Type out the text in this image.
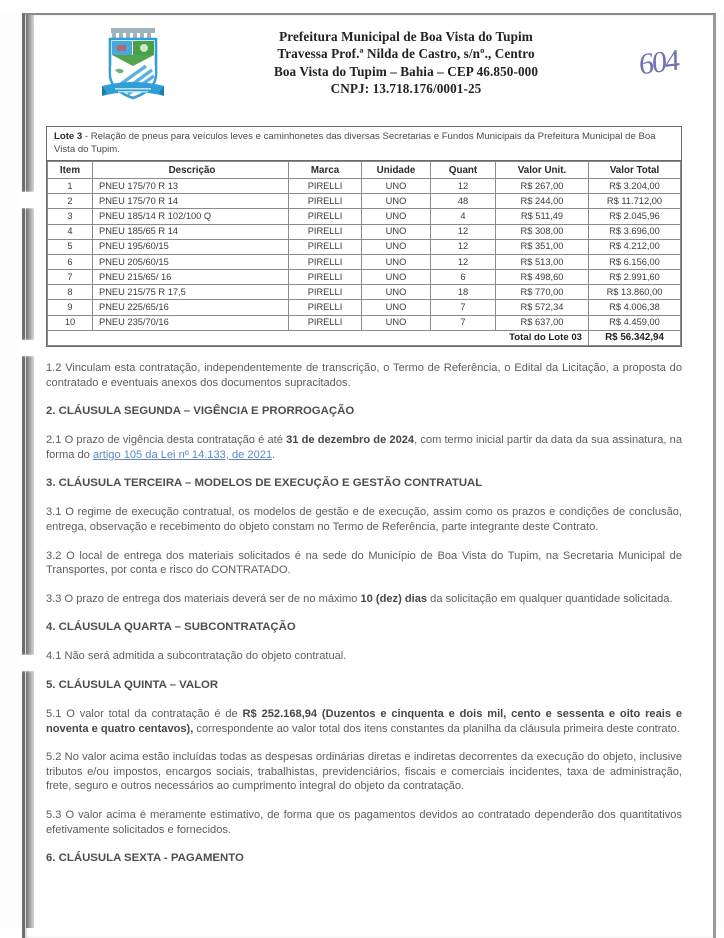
Prefeitura Municipal de Boa Vista do Tupim
Travessa Prof.ª Nilda de Castro, s/nº., Centro
Boa Vista do Tupim – Bahia – CEP 46.850-000
CNPJ: 13.718.176/0001-25
604
Lote 3 - Relação de pneus para veículos leves e caminhonetes das diversas Secretarias e Fundos Municipais da Prefeitura Municipal de Boa Vista do Tupim.
Item	Descrição	Marca	Unidade	Quant	Valor Unit.	Valor Total
1	PNEU 175/70 R 13	PIRELLI	UNO	12	R$ 267,00	R$ 3.204,00
2	PNEU 175/70 R 14	PIRELLI	UNO	48	R$ 244,00	R$ 11.712,00
3	PNEU 185/14 R 102/100 Q	PIRELLI	UNO	4	R$ 511,49	R$ 2.045,96
4	PNEU 185/65 R 14	PIRELLI	UNO	12	R$ 308,00	R$ 3.696,00
5	PNEU 195/60/15	PIRELLI	UNO	12	R$ 351,00	R$ 4.212,00
6	PNEU 205/60/15	PIRELLI	UNO	12	R$ 513,00	R$ 6.156,00
7	PNEU 215/65/ 16	PIRELLI	UNO	6	R$ 498,60	R$ 2.991,60
8	PNEU 215/75 R 17,5	PIRELLI	UNO	18	R$ 770,00	R$ 13.860,00
9	PNEU 225/65/16	PIRELLI	UNO	7	R$ 572,34	R$ 4.006,38
10	PNEU 235/70/16	PIRELLI	UNO	7	R$ 637,00	R$ 4.459,00
Total do Lote 03						R$ 56.342,94

1.2 Vinculam esta contratação, independentemente de transcrição, o Termo de Referência, o Edital da Licitação, a proposta do contratado e eventuais anexos dos documentos supracitados.

2. CLÁUSULA SEGUNDA – VIGÊNCIA E PRORROGAÇÃO

2.1 O prazo de vigência desta contratação é até 31 de dezembro de 2024, com termo inicial partir da data da sua assinatura, na forma do artigo 105 da Lei nº 14.133, de 2021.

3. CLÁUSULA TERCEIRA – MODELOS DE EXECUÇÃO E GESTÃO CONTRATUAL

3.1 O regime de execução contratual, os modelos de gestão e de execução, assim como os prazos e condições de conclusão, entrega, observação e recebimento do objeto constam no Termo de Referência, parte integrante deste Contrato.

3.2 O local de entrega dos materiais solicitados é na sede do Município de Boa Vista do Tupim, na Secretaria Municipal de Transportes, por conta e risco do CONTRATADO.

3.3 O prazo de entrega dos materiais deverá ser de no máximo 10 (dez) dias da solicitação em qualquer quantidade solicitada.

4. CLÁUSULA QUARTA – SUBCONTRATAÇÃO

4.1 Não será admitida a subcontratação do objeto contratual.

5. CLÁUSULA QUINTA – VALOR

5.1 O valor total da contratação é de R$ 252.168,94 (Duzentos e cinquenta e dois mil, cento e sessenta e oito reais e noventa e quatro centavos), correspondente ao valor total dos itens constantes da planilha da cláusula primeira deste contrato.

5.2 No valor acima estão incluídas todas as despesas ordinárias diretas e indiretas decorrentes da execução do objeto, inclusive tributos e/ou impostos, encargos sociais, trabalhistas, previdenciários, fiscais e comerciais incidentes, taxa de administração, frete, seguro e outros necessários ao cumprimento integral do objeto da contratação.

5.3 O valor acima é meramente estimativo, de forma que os pagamentos devidos ao contratado dependerão dos quantitativos efetivamente solicitados e fornecidos.

6. CLÁUSULA SEXTA - PAGAMENTO
